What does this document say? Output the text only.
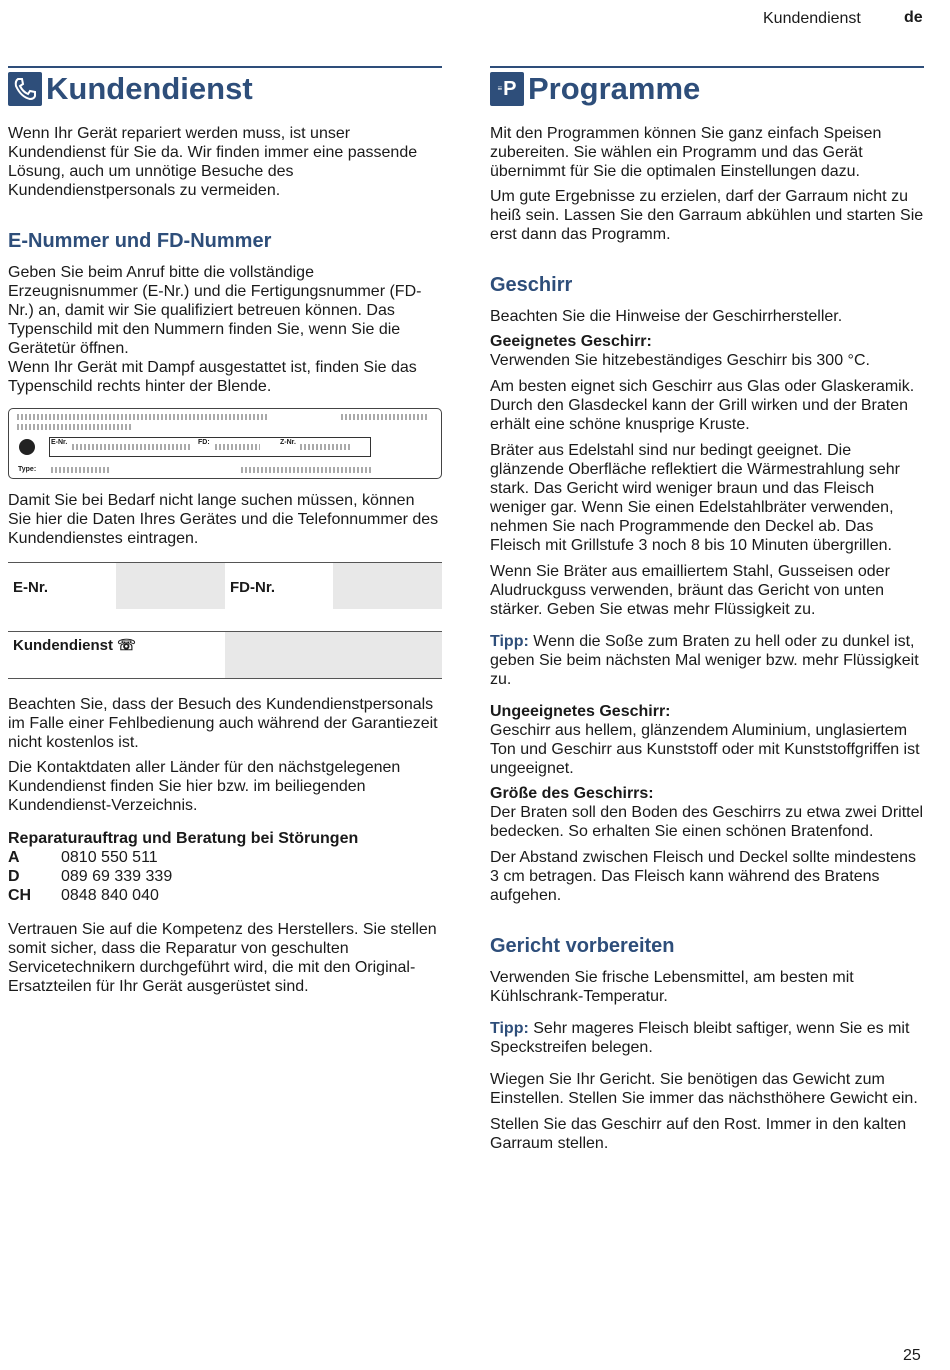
Kundendienst	de
Kundendienst

Wenn Ihr Gerät repariert werden muss, ist unser Kundendienst für Sie da. Wir finden immer eine passende Lösung, auch um unnötige Besuche des Kundendienstpersonals zu vermeiden.

E-Nummer und FD-Nummer

Geben Sie beim Anruf bitte die vollständige Erzeugnisnummer (E-Nr.) und die Fertigungsnummer (FD-Nr.) an, damit wir Sie qualifiziert betreuen können. Das Typenschild mit den Nummern finden Sie, wenn Sie die Gerätetür öffnen.

Wenn Ihr Gerät mit Dampf ausgestattet ist, finden Sie das Typenschild rechts hinter der Blende.

E-Nr.	FD:	Z-Nr.
Type:

Damit Sie bei Bedarf nicht lange suchen müssen, können Sie hier die Daten Ihres Gerätes und die Telefonnummer des Kundendienstes eintragen.

E-Nr.	FD-Nr.
Kundendienst ☏

Beachten Sie, dass der Besuch des Kundendienstpersonals im Falle einer Fehlbedienung auch während der Garantiezeit nicht kostenlos ist.

Die Kontaktdaten aller Länder für den nächstgelegenen Kundendienst finden Sie hier bzw. im beiliegenden Kundendienst-Verzeichnis.

Reparaturauftrag und Beratung bei Störungen
A	0810 550 511
D	089 69 339 339
CH	0848 840 040

Vertrauen Sie auf die Kompetenz des Herstellers. Sie stellen somit sicher, dass die Reparatur von geschulten Servicetechnikern durchgeführt wird, die mit den Original-Ersatzteilen für Ihr Gerät ausgerüstet sind.

≡ P Programme

Mit den Programmen können Sie ganz einfach Speisen zubereiten. Sie wählen ein Programm und das Gerät übernimmt für Sie die optimalen Einstellungen dazu.

Um gute Ergebnisse zu erzielen, darf der Garraum nicht zu heiß sein. Lassen Sie den Garraum abkühlen und starten Sie erst dann das Programm.

Geschirr

Beachten Sie die Hinweise der Geschirrhersteller.

Geeignetes Geschirr:

Verwenden Sie hitzebeständiges Geschirr bis 300 °C.

Am besten eignet sich Geschirr aus Glas oder Glaskeramik. Durch den Glasdeckel kann der Grill wirken und der Braten erhält eine schöne knusprige Kruste.

Bräter aus Edelstahl sind nur bedingt geeignet. Die glänzende Oberfläche reflektiert die Wärmestrahlung sehr stark. Das Gericht wird weniger braun und das Fleisch weniger gar. Wenn Sie einen Edelstahlbräter verwenden, nehmen Sie nach Programmende den Deckel ab. Das Fleisch mit Grillstufe 3 noch 8 bis 10 Minuten übergrillen.

Wenn Sie Bräter aus emailliertem Stahl, Gusseisen oder Aludruckguss verwenden, bräunt das Gericht von unten stärker. Geben Sie etwas mehr Flüssigkeit zu.

Tipp: Wenn die Soße zum Braten zu hell oder zu dunkel ist, geben Sie beim nächsten Mal weniger bzw. mehr Flüssigkeit zu.

Ungeeignetes Geschirr:

Geschirr aus hellem, glänzendem Aluminium, unglasiertem Ton und Geschirr aus Kunststoff oder mit Kunststoffgriffen ist ungeeignet.

Größe des Geschirrs:

Der Braten soll den Boden des Geschirrs zu etwa zwei Drittel bedecken. So erhalten Sie einen schönen Bratenfond.

Der Abstand zwischen Fleisch und Deckel sollte mindestens 3 cm betragen. Das Fleisch kann während des Bratens aufgehen.

Gericht vorbereiten

Verwenden Sie frische Lebensmittel, am besten mit Kühlschrank-Temperatur.

Tipp: Sehr mageres Fleisch bleibt saftiger, wenn Sie es mit Speckstreifen belegen.

Wiegen Sie Ihr Gericht. Sie benötigen das Gewicht zum Einstellen. Stellen Sie immer das nächsthöhere Gewicht ein.

Stellen Sie das Geschirr auf den Rost. Immer in den kalten Garraum stellen.

25
